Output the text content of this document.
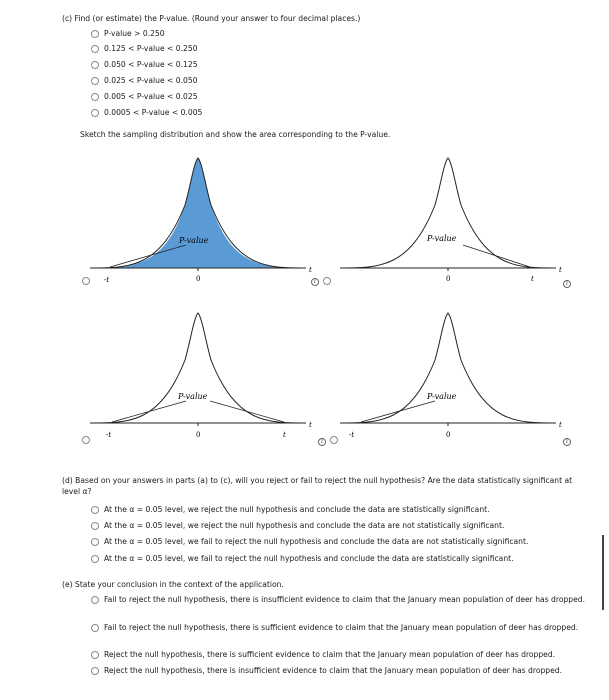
(c) Find (or estimate) the P-value. (Round your answer to four decimal places.)
P-value > 0.250
0.125 < P-value < 0.250
0.050 < P-value < 0.125
0.025 < P-value < 0.050
0.005 < P-value < 0.025
0.0005 < P-value < 0.005
Sketch the sampling distribution and show the area corresponding to the P-value.
P-value
-t	0
t
i
P-value
0	t
t
i
P-value
-t	0	t
t
i
P-value
-t	0
t
i
(d) Based on your answers in parts (a) to (c), will you reject or fail to reject the null hypothesis? Are the data statistically significant at level α?
At the α = 0.05 level, we reject the null hypothesis and conclude the data are statistically significant.
At the α = 0.05 level, we reject the null hypothesis and conclude the data are not statistically significant.
At the α = 0.05 level, we fail to reject the null hypothesis and conclude the data are not statistically significant.
At the α = 0.05 level, we fail to reject the null hypothesis and conclude the data are statistically significant.
(e) State your conclusion in the context of the application.
Fail to reject the null hypothesis, there is insufficient evidence to claim that the January mean population of deer has dropped.
Fail to reject the null hypothesis, there is sufficient evidence to claim that the January mean population of deer has dropped.
Reject the null hypothesis, there is sufficient evidence to claim that the January mean population of deer has dropped.
Reject the null hypothesis, there is insufficient evidence to claim that the January mean population of deer has dropped.
